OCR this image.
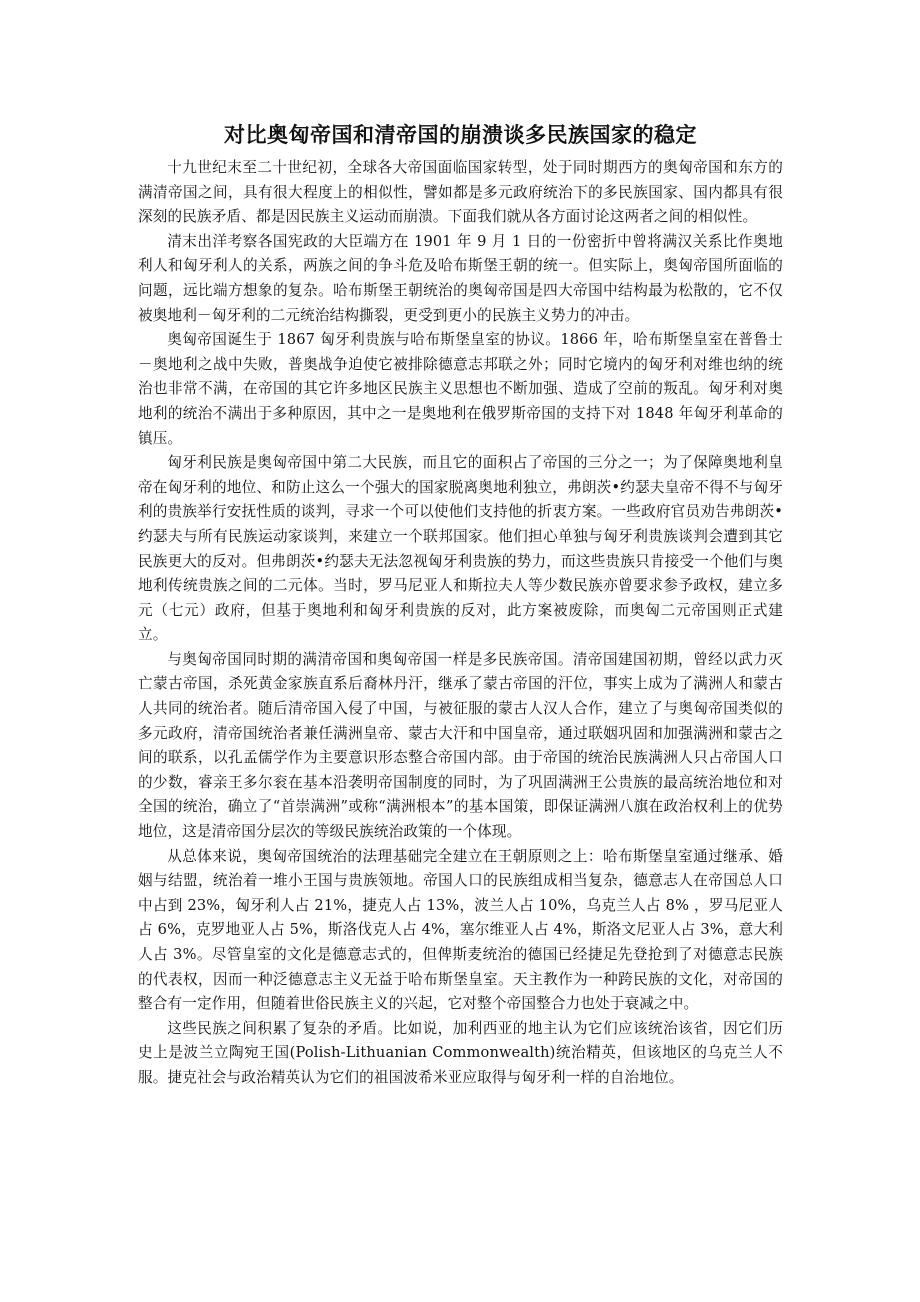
对比奥匈帝国和清帝国的崩溃谈多民族国家的稳定

十九世纪末至二十世纪初，全球各大帝国面临国家转型，处于同时期西方的奥匈帝国和东方的满清帝国之间，具有很大程度上的相似性，譬如都是多元政府统治下的多民族国家、国内都具有很深刻的民族矛盾、都是因民族主义运动而崩溃。下面我们就从各方面讨论这两者之间的相似性。

清末出洋考察各国宪政的大臣端方在 1901 年 9 月 1 日的一份密折中曾将满汉关系比作奥地利人和匈牙利人的关系，两族之间的争斗危及哈布斯堡王朝的统一。但实际上，奥匈帝国所面临的问题，远比端方想象的复杂。哈布斯堡王朝统治的奥匈帝国是四大帝国中结构最为松散的，它不仅被奥地利－匈牙利的二元统治结构撕裂，更受到更小的民族主义势力的冲击。

奥匈帝国诞生于 1867 匈牙利贵族与哈布斯堡皇室的协议。1866 年，哈布斯堡皇室在普鲁士－奥地利之战中失败，普奥战争迫使它被排除德意志邦联之外；同时它境内的匈牙利对维也纳的统治也非常不满，在帝国的其它许多地区民族主义思想也不断加强、造成了空前的叛乱。匈牙利对奥地利的统治不满出于多种原因，其中之一是奥地利在俄罗斯帝国的支持下对 1848 年匈牙利革命的镇压。

匈牙利民族是奥匈帝国中第二大民族，而且它的面积占了帝国的三分之一；为了保障奥地利皇帝在匈牙利的地位、和防止这么一个强大的国家脱离奥地利独立，弗朗茨•约瑟夫皇帝不得不与匈牙利的贵族举行安抚性质的谈判，寻求一个可以使他们支持他的折衷方案。一些政府官员劝告弗朗茨•约瑟夫与所有民族运动家谈判，来建立一个联邦国家。他们担心单独与匈牙利贵族谈判会遭到其它民族更大的反对。但弗朗茨•约瑟夫无法忽视匈牙利贵族的势力，而这些贵族只肯接受一个他们与奥地利传统贵族之间的二元体。当时，罗马尼亚人和斯拉夫人等少数民族亦曾要求参予政权，建立多元（七元）政府，但基于奥地利和匈牙利贵族的反对，此方案被废除，而奥匈二元帝国则正式建立。

与奥匈帝国同时期的满清帝国和奥匈帝国一样是多民族帝国。清帝国建国初期，曾经以武力灭亡蒙古帝国，杀死黄金家族直系后裔林丹汗，继承了蒙古帝国的汗位，事实上成为了满洲人和蒙古人共同的统治者。随后清帝国入侵了中国，与被征服的蒙古人汉人合作，建立了与奥匈帝国类似的多元政府，清帝国统治者兼任满洲皇帝、蒙古大汗和中国皇帝，通过联姻巩固和加强满洲和蒙古之间的联系，以孔孟儒学作为主要意识形态整合帝国内部。由于帝国的统治民族满洲人只占帝国人口的少数，睿亲王多尔衮在基本沿袭明帝国制度的同时，为了巩固满洲王公贵族的最高统治地位和对全国的统治，确立了“首崇满洲”或称“满洲根本”的基本国策，即保证满洲八旗在政治权利上的优势地位，这是清帝国分层次的等级民族统治政策的一个体现。

从总体来说，奥匈帝国统治的法理基础完全建立在王朝原则之上：哈布斯堡皇室通过继承、婚姻与结盟，统治着一堆小王国与贵族领地。帝国人口的民族组成相当复杂，德意志人在帝国总人口中占到 23%，匈牙利人占 21%，捷克人占 13%，波兰人占 10%，乌克兰人占 8% ，罗马尼亚人占 6%，克罗地亚人占 5%，斯洛伐克人占 4%，塞尔维亚人占 4%，斯洛文尼亚人占 3%，意大利人占 3%。尽管皇室的文化是德意志式的，但俾斯麦统治的德国已经捷足先登抢到了对德意志民族的代表权，因而一种泛德意志主义无益于哈布斯堡皇室。天主教作为一种跨民族的文化，对帝国的整合有一定作用，但随着世俗民族主义的兴起，它对整个帝国整合力也处于衰减之中。

这些民族之间积累了复杂的矛盾。比如说，加利西亚的地主认为它们应该统治该省，因它们历史上是波兰立陶宛王国(Polish-Lithuanian Commonwealth)统治精英，但该地区的乌克兰人不服。捷克社会与政治精英认为它们的祖国波希米亚应取得与匈牙利一样的自治地位。
